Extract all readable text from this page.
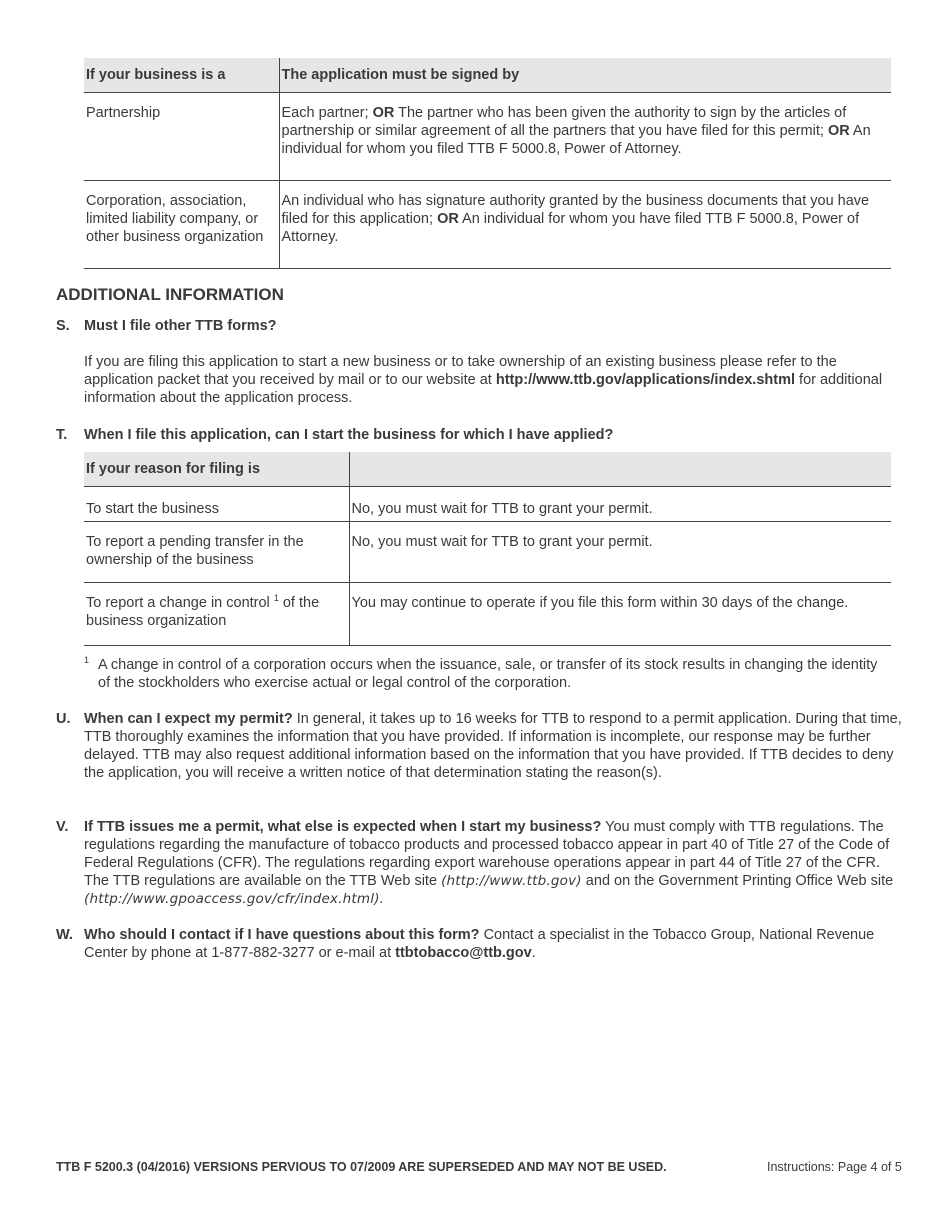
If your business is a	The application must be signed by
Partnership	Each partner; OR The partner who has been given the authority to sign by the articles of partnership or similar agreement of all the partners that you have filed for this permit; OR An individual for whom you filed TTB F 5000.8, Power of Attorney.
Corporation, association, limited liability company, or other business organization	An individual who has signature authority granted by the business documents that you have filed for this application; OR An individual for whom you have filed TTB F 5000.8, Power of Attorney.
ADDITIONAL INFORMATION
S. Must I file other TTB forms?
If you are filing this application to start a new business or to take ownership of an existing business please refer to the application packet that you received by mail or to our website at http://www.ttb.gov/applications/index.shtml for additional information about the application process.
T. When I file this application, can I start the business for which I have applied?
If your reason for filing is	
To start the business	No, you must wait for TTB to grant your permit.
To report a pending transfer in the ownership of the business	No, you must wait for TTB to grant your permit.
To report a change in control $^1$ of the business organization	You may continue to operate if you file this form within 30 days of the change.
1 A change in control of a corporation occurs when the issuance, sale, or transfer of its stock results in changing the identity of the stockholders who exercise actual or legal control of the corporation.
U. When can I expect my permit? In general, it takes up to 16 weeks for TTB to respond to a permit application. During that time, TTB thoroughly examines the information that you have provided. If information is incomplete, our response may be further delayed. TTB may also request additional information based on the information that you have provided. If TTB decides to deny the application, you will receive a written notice of that determination stating the reason(s).
V. If TTB issues me a permit, what else is expected when I start my business? You must comply with TTB regulations. The regulations regarding the manufacture of tobacco products and processed tobacco appear in part 40 of Title 27 of the Code of Federal Regulations (CFR). The regulations regarding export warehouse operations appear in part 44 of Title 27 of the CFR. The TTB regulations are available on the TTB Web site (http://www.ttb.gov) and on the Government Printing Office Web site (http://www.gpoaccess.gov/cfr/index.html).
W. Who should I contact if I have questions about this form? Contact a specialist in the Tobacco Group, National Revenue Center by phone at 1-877-882-3277 or e-mail at ttbtobacco@ttb.gov.
TTB F 5200.3 (04/2016) VERSIONS PERVIOUS TO 07/2009 ARE SUPERSEDED AND MAY NOT BE USED.	Instructions: Page 4 of 5
